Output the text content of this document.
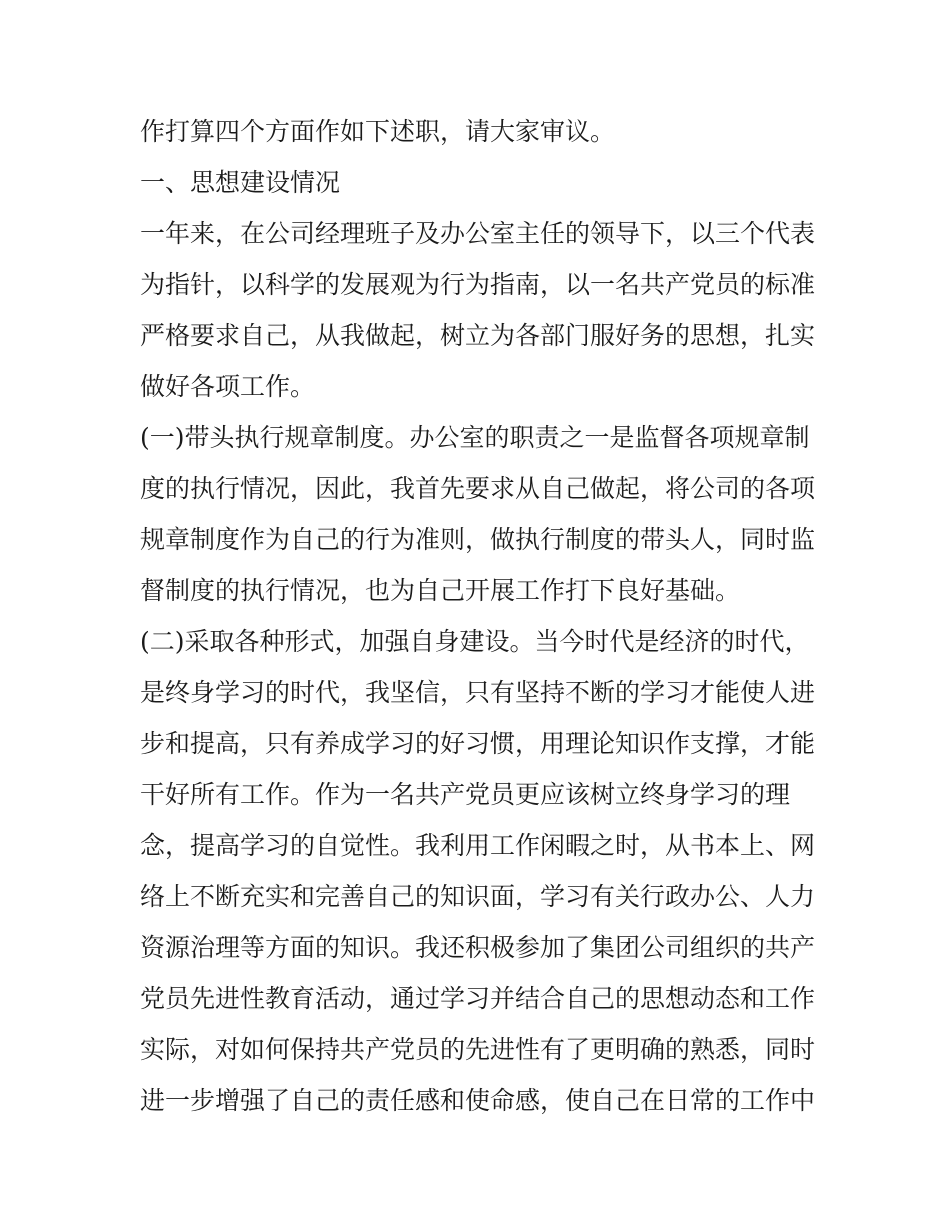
作打算四个方面作如下述职，请大家审议。
一、思想建设情况
一年来，在公司经理班子及办公室主任的领导下，以三个代表
为指针，以科学的发展观为行为指南，以一名共产党员的标准
严格要求自己，从我做起，树立为各部门服好务的思想，扎实
做好各项工作。
(一)带头执行规章制度。办公室的职责之一是监督各项规章制
度的执行情况，因此，我首先要求从自己做起，将公司的各项
规章制度作为自己的行为准则，做执行制度的带头人，同时监
督制度的执行情况，也为自己开展工作打下良好基础。
(二)采取各种形式，加强自身建设。当今时代是经济的时代，
是终身学习的时代，我坚信，只有坚持不断的学习才能使人进
步和提高，只有养成学习的好习惯，用理论知识作支撑，才能
干好所有工作。作为一名共产党员更应该树立终身学习的理
念，提高学习的自觉性。我利用工作闲暇之时，从书本上、网
络上不断充实和完善自己的知识面，学习有关行政办公、人力
资源治理等方面的知识。我还积极参加了集团公司组织的共产
党员先进性教育活动，通过学习并结合自己的思想动态和工作
实际，对如何保持共产党员的先进性有了更明确的熟悉，同时
进一步增强了自己的责任感和使命感，使自己在日常的工作中
